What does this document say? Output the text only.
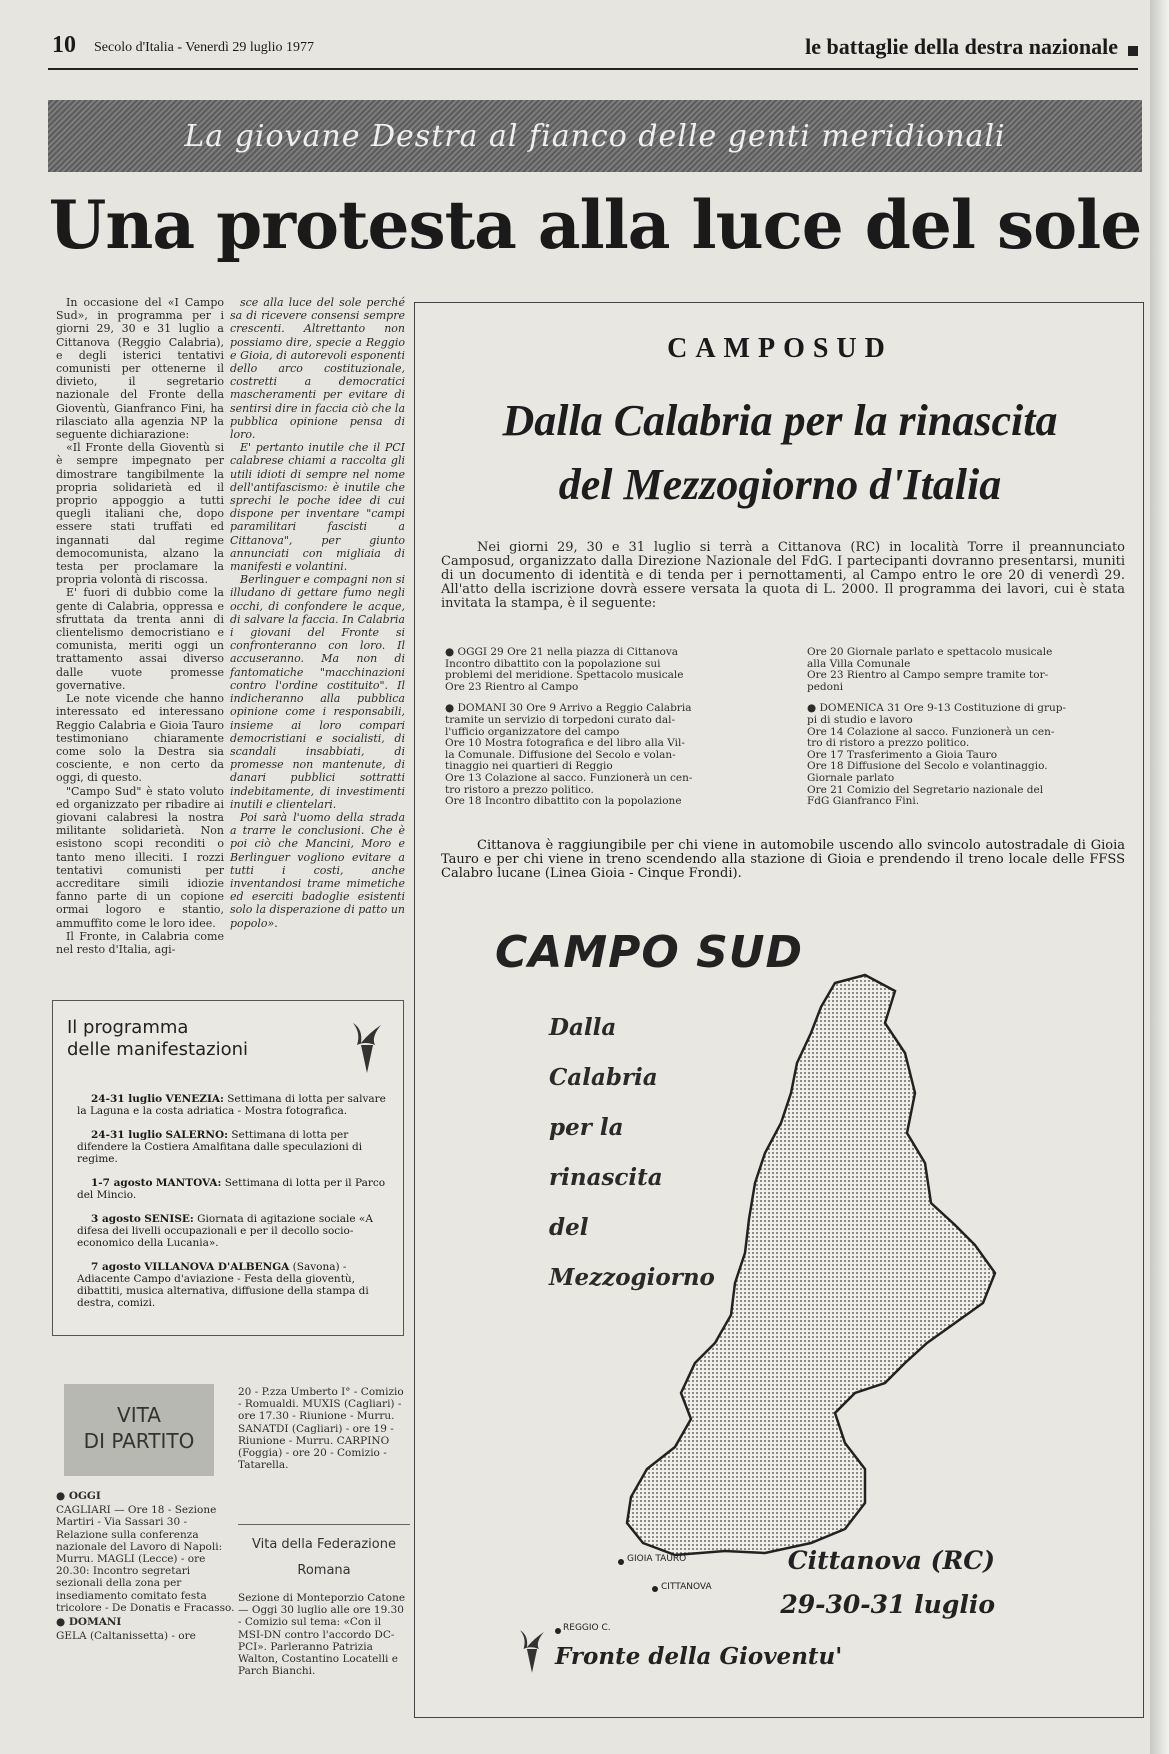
10 Secolo d'Italia - Venerdì 29 luglio 1977	le battaglie della destra nazionale
La giovane Destra al fianco delle genti meridionali
Una protesta alla luce del sole

In occasione del «I Campo Sud», in programma per i giorni 29, 30 e 31 luglio a Cittanova (Reggio Calabria), e degli isterici tentativi comunisti per ottenerne il divieto, il segretario nazionale del Fronte della Gioventù, Gianfranco Fini, ha rilasciato alla agenzia NP la seguente dichiarazione:

«Il Fronte della Gioventù si è sempre impegnato per dimostrare tangibilmente la propria solidarietà ed il proprio appoggio a tutti quegli italiani che, dopo essere stati truffati ed ingannati dal regime democomunista, alzano la testa per proclamare la propria volontà di riscossa.

E' fuori di dubbio come la gente di Calabria, oppressa e sfruttata da trenta anni di clientelismo democristiano e comunista, meriti oggi un trattamento assai diverso dalle vuote promesse governative.

Le note vicende che hanno interessato ed interessano Reggio Calabria e Gioia Tauro testimoniano chiaramente come solo la Destra sia cosciente, e non certo da oggi, di questo.

"Campo Sud" è stato voluto ed organizzato per ribadire ai giovani calabresi la nostra militante solidarietà. Non esistono scopi reconditi o tanto meno illeciti. I rozzi tentativi comunisti per accreditare simili idiozie fanno parte di un copione ormai logoro e stantio, ammuffito come le loro idee.

Il Fronte, in Calabria come nel resto d'Italia, agi-

sce alla luce del sole perché sa di ricevere consensi sempre crescenti. Altrettanto non possiamo dire, specie a Reggio e Gioia, di autorevoli esponenti dello arco costituzionale, costretti a democratici mascheramenti per evitare di sentirsi dire in faccia ciò che la pubblica opinione pensa di loro.

E' pertanto inutile che il PCI calabrese chiami a raccolta gli utili idioti di sempre nel nome dell'antifascismo: è inutile che sprechi le poche idee di cui dispone per inventare "campi paramilitari fascisti a Cittanova", per giunto annunciati con migliaia di manifesti e volantini.

Berlinguer e compagni non si illudano di gettare fumo negli occhi, di confondere le acque, di salvare la faccia. In Calabria i giovani del Fronte si confronteranno con loro. Il accuseranno. Ma non di fantomatiche "macchinazioni contro l'ordine costituito". Il indicheranno alla pubblica opinione come i responsabili, insieme ai loro compari democristiani e socialisti, di scandali insabbiati, di promesse non mantenute, di danari pubblici sottratti indebitamente, di investimenti inutili e clientelari.

Poi sarà l'uomo della strada a trarre le conclusioni. Che è poi ciò che Mancini, Moro e Berlinguer vogliono evitare a tutti i costi, anche inventandosi trame mimetiche ed eserciti badoglie esistenti solo la disperazione di patto un popolo».

Il programma
delle manifestazioni
24-31 luglio VENEZIA: Settimana di lotta per salvare la Laguna e la costa adriatica - Mostra fotografica.
24-31 luglio SALERNO: Settimana di lotta per difendere la Costiera Amalfitana dalle speculazioni di regime.
1-7 agosto MANTOVA: Settimana di lotta per il Parco del Mincio.
3 agosto SENISE: Giornata di agitazione sociale «A difesa dei livelli occupazionali e per il decollo socio-economico della Lucania».
7 agosto VILLANOVA D'ALBENGA (Savona) - Adiacente Campo d'aviazione - Festa della gioventù, dibattiti, musica alternativa, diffusione della stampa di destra, comizi.
VITA
DI PARTITO
● OGGI
CAGLIARI — Ore 18 - Sezione Martiri - Via Sassari 30 - Relazione sulla conferenza nazionale del Lavoro di Napoli: Murru. MAGLI (Lecce) - ore 20.30: Incontro segretari sezionali della zona per insediamento comitato festa tricolore - De Donatis e Fracasso.
● DOMANI
GELA (Caltanissetta) - ore
20 - P.zza Umberto I° - Comizio - Romualdi. MUXIS (Cagliari) - ore 17.30 - Riunione - Murru. SANATDI (Cagliari) - ore 19 - Riunione - Murru. CARPINO (Foggia) - ore 20 - Comizio - Tatarella.
Vita della Federazione
Romana
Sezione di Monteporzio Catone — Oggi 30 luglio alle ore 19.30 - Comizio sul tema: «Con il MSI-DN contro l'accordo DC-PCI». Parleranno Patrizia Walton, Costantino Locatelli e Parch Bianchi.
CAMPOSUD
Dalla Calabria per la rinascita
del Mezzogiorno d'Italia

Nei giorni 29, 30 e 31 luglio si terrà a Cittanova (RC) in località Torre il preannunciato Camposud, organizzato dalla Direzione Nazionale del FdG. I partecipanti dovranno presentarsi, muniti di un documento di identità e di tenda per i pernottamenti, al Campo entro le ore 20 di venerdì 29. All'atto della iscrizione dovrà essere versata la quota di L. 2000. Il programma dei lavori, cui è stata invitata la stampa, è il seguente:

● OGGI 29 Ore 21 nella piazza di Cittanova
Incontro dibattito con la popolazione sui
problemi del meridione. Spettacolo musicale
Ore 23 Rientro al Campo
● DOMANI 30 Ore 9 Arrivo a Reggio Calabria
tramite un servizio di torpedoni curato dal-
l'ufficio organizzatore del campo
Ore 10 Mostra fotografica e del libro alla Vil-
la Comunale. Diffusione del Secolo e volan-
tinaggio nei quartieri di Reggio
Ore 13 Colazione al sacco. Funzionerà un cen-
tro ristoro a prezzo politico.
Ore 18 Incontro dibattito con la popolazione
Ore 20 Giornale parlato e spettacolo musicale
alla Villa Comunale
Ore 23 Rientro al Campo sempre tramite tor-
pedoni
● DOMENICA 31 Ore 9-13 Costituzione di grup-
pi di studio e lavoro
Ore 14 Colazione al sacco. Funzionerà un cen-
tro di ristoro a prezzo politico.
Ore 17 Trasferimento a Gioia Tauro
Ore 18 Diffusione del Secolo e volantinaggio.
Giornale parlato
Ore 21 Comizio del Segretario nazionale del
FdG Gianfranco Fini.

Cittanova è raggiungibile per chi viene in automobile uscendo allo svincolo autostradale di Gioia Tauro e per chi viene in treno scendendo alla stazione di Gioia e prendendo il treno locale delle FFSS Calabro lucane (Linea Gioia - Cinque Frondi).

GIOIA TAURO
CITTANOVA
REGGIO C.
CAMPO SUD
Dalla
Calabria
per la
rinascita
del
Mezzogiorno
Cittanova (RC)
29-30-31 luglio
Fronte della Gioventu'
